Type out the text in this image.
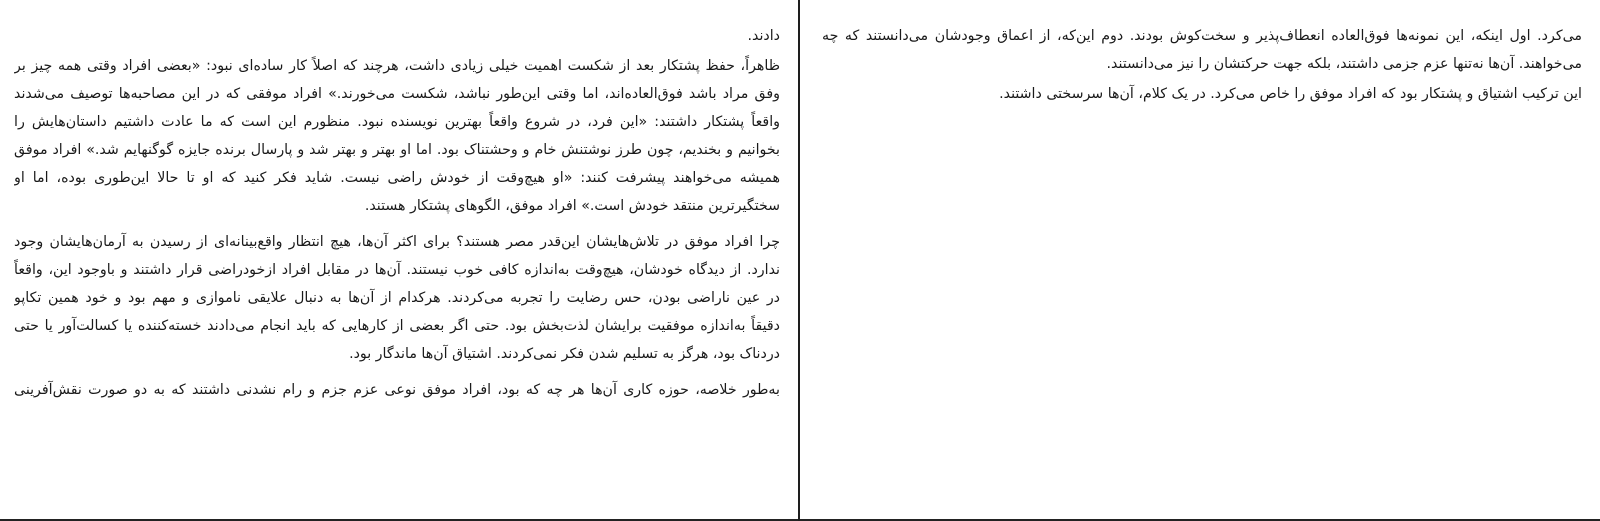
دادند.

ظاهراً، حفظ پشتکار بعد از شکست اهمیت خیلی زیادی داشت، هرچند که اصلاً کار ساده‌ای نبود: «بعضی افراد وقتی همه چیز بر
وفق مراد باشد فوق‌العاده‌اند، اما وقتی این‌طور نباشد، شکست می‌خورند.» افراد موفقی که در این مصاحبه‌ها توصیف می‌شدند
واقعاً پشتکار داشتند: «این فرد، در شروع واقعاً بهترین نویسنده نبود. منظورم این است که ما عادت داشتیم داستان‌هایش را
بخوانیم و بخندیم، چون طرز نوشتنش خام و وحشتناک بود. اما او بهتر و بهتر شد و پارسال برنده جایزه گوگنهایم شد.» افراد موفق
همیشه می‌خواهند پیشرفت کنند: «او هیچ‌وقت از خودش راضی نیست. شاید فکر کنید که او تا حالا این‌طوری بوده، اما او
سختگیرترین منتقد خودش است.» افراد موفق، الگوهای پشتکار هستند.

چرا افراد موفق در تلاش‌هایشان این‌قدر مصر هستند؟ برای اکثر آن‌ها، هیچ انتظار واقع‌بینانه‌ای از رسیدن به آرمان‌هایشان وجود
ندارد. از دیدگاه خودشان، هیچ‌وقت به‌اندازه کافی خوب نیستند. آن‌ها در مقابل افراد ازخودراضی قرار داشتند و باوجود این، واقعاً
در عین ناراضی بودن، حس رضایت را تجربه می‌کردند. هرکدام از آن‌ها به دنبال علایقی ناموازی و مهم بود و خود همین تکاپو
دقیقاً به‌اندازه موفقیت برایشان لذت‌بخش بود. حتی اگر بعضی از کارهایی که باید انجام می‌دادند خسته‌کننده یا کسالت‌آور یا حتی
دردناک بود، هرگز به تسلیم شدن فکر نمی‌کردند. اشتیاق آن‌ها ماندگار بود.

به‌طور خلاصه، حوزه کاری آن‌ها هر چه که بود، افراد موفق نوعی عزم جزم و رام نشدنی داشتند که به دو صورت نقش‌آفرینی

می‌کرد. اول اینکه، این نمونه‌ها فوق‌العاده انعطاف‌پذیر و سخت‌کوش بودند. دوم این‌که، از اعماق وجودشان می‌دانستند که چه
می‌خواهند. آن‌ها نه‌تنها عزم جزمی داشتند، بلکه جهت حرکتشان را نیز می‌دانستند.

این ترکیب اشتیاق و پشتکار بود که افراد موفق را خاص می‌کرد. در یک کلام، آن‌ها سرسختی داشتند.
